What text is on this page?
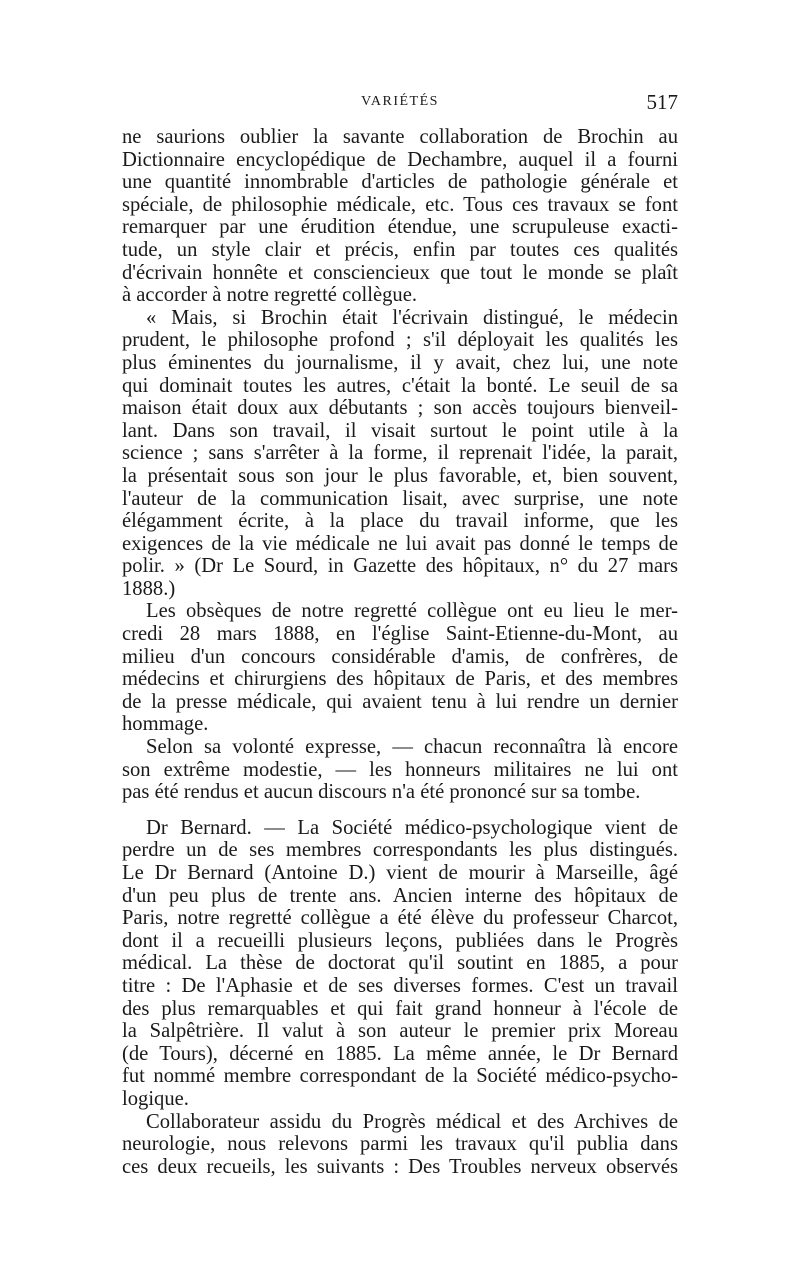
VARIÉTÉS	517
ne saurions oublier la savante collaboration de Brochin au
Dictionnaire encyclopédique de Dechambre, auquel il a fourni
une quantité innombrable d'articles de pathologie générale et
spéciale, de philosophie médicale, etc. Tous ces travaux se font
remarquer par une érudition étendue, une scrupuleuse exacti-
tude, un style clair et précis, enfin par toutes ces qualités
d'écrivain honnête et consciencieux que tout le monde se plaît
à accorder à notre regretté collègue.
« Mais, si Brochin était l'écrivain distingué, le médecin
prudent, le philosophe profond ; s'il déployait les qualités les
plus éminentes du journalisme, il y avait, chez lui, une note
qui dominait toutes les autres, c'était la bonté. Le seuil de sa
maison était doux aux débutants ; son accès toujours bienveil-
lant. Dans son travail, il visait surtout le point utile à la
science ; sans s'arrêter à la forme, il reprenait l'idée, la parait,
la présentait sous son jour le plus favorable, et, bien souvent,
l'auteur de la communication lisait, avec surprise, une note
élégamment écrite, à la place du travail informe, que les
exigences de la vie médicale ne lui avait pas donné le temps de
polir. » (Dr Le Sourd, in Gazette des hôpitaux, n° du 27 mars
1888.)
Les obsèques de notre regretté collègue ont eu lieu le mer-
credi 28 mars 1888, en l'église Saint-Etienne-du-Mont, au
milieu d'un concours considérable d'amis, de confrères, de
médecins et chirurgiens des hôpitaux de Paris, et des membres
de la presse médicale, qui avaient tenu à lui rendre un dernier
hommage.
Selon sa volonté expresse, — chacun reconnaîtra là encore
son extrême modestie, — les honneurs militaires ne lui ont
pas été rendus et aucun discours n'a été prononcé sur sa tombe.
Dr Bernard. — La Société médico-psychologique vient de
perdre un de ses membres correspondants les plus distingués.
Le Dr Bernard (Antoine D.) vient de mourir à Marseille, âgé
d'un peu plus de trente ans. Ancien interne des hôpitaux de
Paris, notre regretté collègue a été élève du professeur Charcot,
dont il a recueilli plusieurs leçons, publiées dans le Progrès
médical. La thèse de doctorat qu'il soutint en 1885, a pour
titre : De l'Aphasie et de ses diverses formes. C'est un travail
des plus remarquables et qui fait grand honneur à l'école de
la Salpêtrière. Il valut à son auteur le premier prix Moreau
(de Tours), décerné en 1885. La même année, le Dr Bernard
fut nommé membre correspondant de la Société médico-psycho-
logique.
Collaborateur assidu du Progrès médical et des Archives de
neurologie, nous relevons parmi les travaux qu'il publia dans
ces deux recueils, les suivants : Des Troubles nerveux observés
